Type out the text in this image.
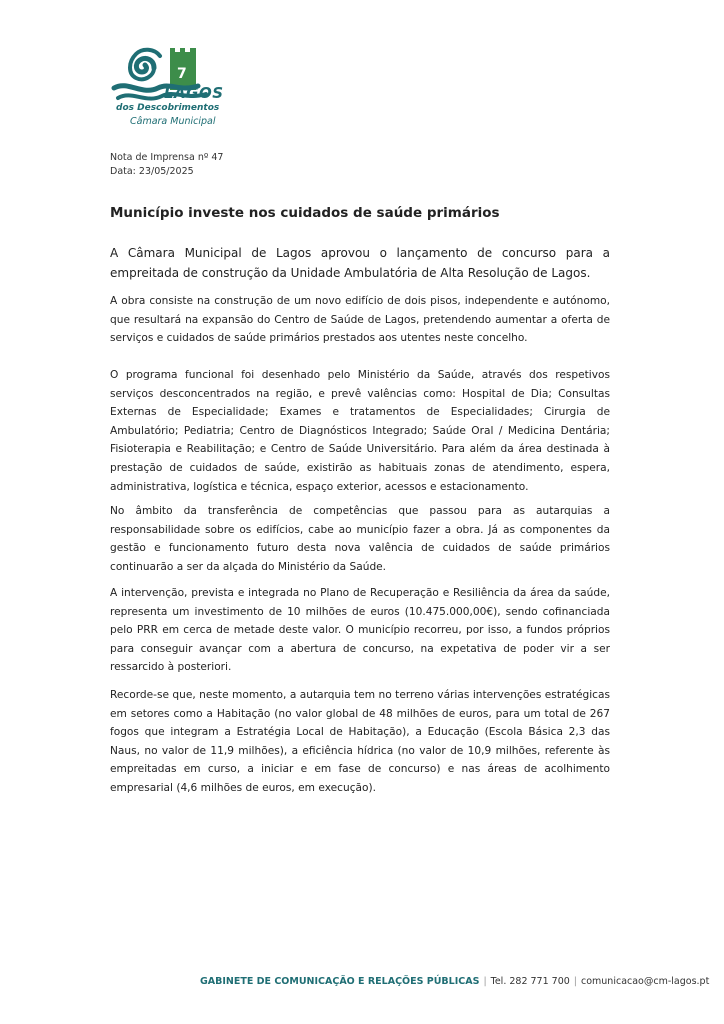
7
LAGOS
dos Descobrimentos
Câmara Municipal
Nota de Imprensa nº 47
Data: 23/05/2025
Município investe nos cuidados de saúde primários
A Câmara Municipal de Lagos aprovou o lançamento de concurso para a empreitada de construção da Unidade Ambulatória de Alta Resolução de Lagos.
A obra consiste na construção de um novo edifício de dois pisos, independente e autónomo, que resultará na expansão do Centro de Saúde de Lagos, pretendendo aumentar a oferta de serviços e cuidados de saúde primários prestados aos utentes neste concelho.
O programa funcional foi desenhado pelo Ministério da Saúde, através dos respetivos serviços desconcentrados na região, e prevê valências como: Hospital de Dia; Consultas Externas de Especialidade; Exames e tratamentos de Especialidades; Cirurgia de Ambulatório; Pediatria; Centro de Diagnósticos Integrado; Saúde Oral / Medicina Dentária; Fisioterapia e Reabilitação; e Centro de Saúde Universitário. Para além da área destinada à prestação de cuidados de saúde, existirão as habituais zonas de atendimento, espera, administrativa, logística e técnica, espaço exterior, acessos e estacionamento.
No âmbito da transferência de competências que passou para as autarquias a responsabilidade sobre os edifícios, cabe ao município fazer a obra. Já as componentes da gestão e funcionamento futuro desta nova valência de cuidados de saúde primários continuarão a ser da alçada do Ministério da Saúde.
A intervenção, prevista e integrada no Plano de Recuperação e Resiliência da área da saúde, representa um investimento de 10 milhões de euros (10.475.000,00€), sendo cofinanciada pelo PRR em cerca de metade deste valor. O município recorreu, por isso, a fundos próprios para conseguir avançar com a abertura de concurso, na expetativa de poder vir a ser ressarcido à posteriori.
Recorde-se que, neste momento, a autarquia tem no terreno várias intervenções estratégicas em setores como a Habitação (no valor global de 48 milhões de euros, para um total de 267 fogos que integram a Estratégia Local de Habitação), a Educação (Escola Básica 2,3 das Naus, no valor de 11,9 milhões), a eficiência hídrica (no valor de 10,9 milhões, referente às empreitadas em curso, a iniciar e em fase de concurso) e nas áreas de acolhimento empresarial (4,6 milhões de euros, em execução).
GABINETE DE COMUNICAÇÃO E RELAÇÕES PÚBLICAS | Tel. 282 771 700 | comunicacao@cm-lagos.pt
